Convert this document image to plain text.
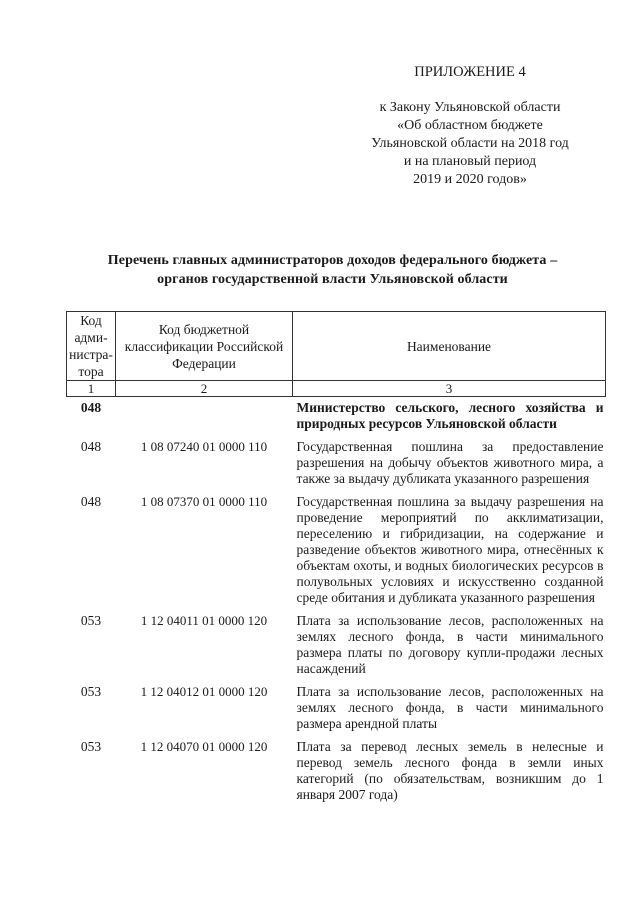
ПРИЛОЖЕНИЕ 4
к Закону Ульяновской области
«Об областном бюджете
Ульяновской области на 2018 год
и на плановый период
2019 и 2020 годов»
Перечень главных администраторов доходов федерального бюджета –
органов государственной власти Ульяновской области
Код адми-нистра-тора	Код бюджетной классификации Российской Федерации	Наименование
1	2	3
048		Министерство сельского, лесного хозяйства и природных ресурсов Ульяновской области
048	1 08 07240 01 0000 110	Государственная пошлина за предоставление разрешения на добычу объектов животного мира, а также за выдачу дубликата указанного разрешения
048	1 08 07370 01 0000 110	Государственная пошлина за выдачу разрешения на проведение мероприятий по акклиматизации, переселению и гибридизации, на содержание и разведение объектов животного мира, отнесённых к объектам охоты, и водных биологических ресурсов в полувольных условиях и искусственно созданной среде обитания и дубликата указанного разрешения
053	1 12 04011 01 0000 120	Плата за использование лесов, расположенных на землях лесного фонда, в части минимального размера платы по договору купли-продажи лесных насаждений
053	1 12 04012 01 0000 120	Плата за использование лесов, расположенных на землях лесного фонда, в части минимального размера арендной платы
053	1 12 04070 01 0000 120	Плата за перевод лесных земель в нелесные и перевод земель лесного фонда в земли иных категорий (по обязательствам, возникшим до 1 января 2007 года)
